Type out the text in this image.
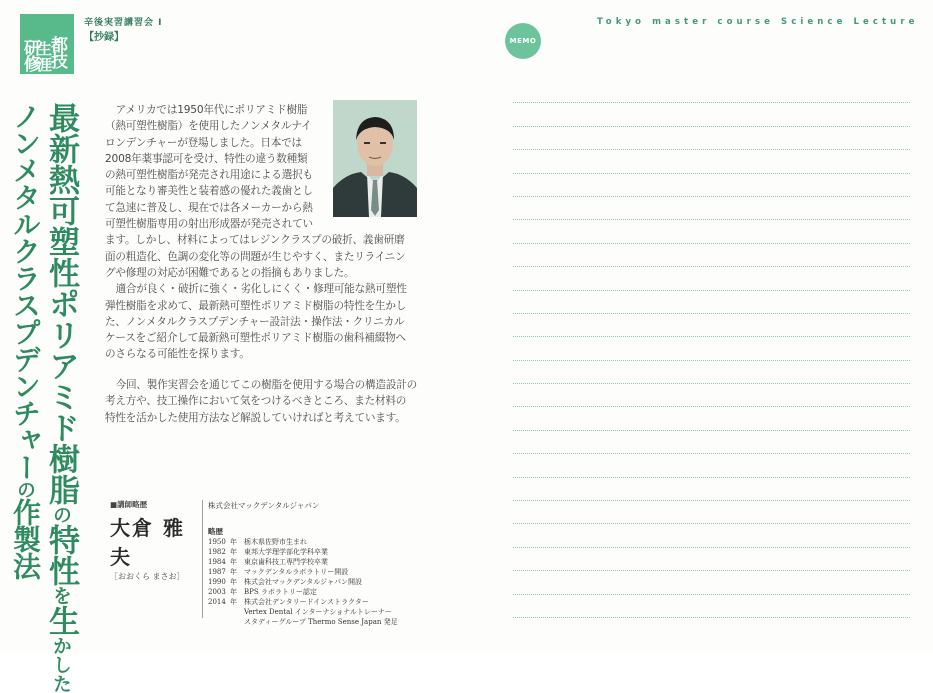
都
技
研
修
生
涯
辛後実習講習会 I
【抄録】
最新熱可塑性ポリアミド樹脂の特性を生かした
ノンメタルクラスプデンチャーの作製法
アメリカでは1950年代にポリアミド樹脂
（熱可塑性樹脂）を使用したノンメタルナイ
ロンデンチャーが登場しました。日本では
2008年薬事認可を受け、特性の違う数種類
の熱可塑性樹脂が発売され用途による選択も
可能となり審美性と装着感の優れた義歯とし
て急速に普及し、現在では各メーカーから熱
可塑性樹脂専用の射出形成器が発売されてい
ます。しかし、材料によってはレジンクラスプの破折、義歯研磨
面の粗造化、色調の変化等の問題が生じやすく、またリライニン
グや修理の対応が困難であるとの指摘もありました。
適合が良く・破折に強く・劣化しにくく・修理可能な熱可塑性
弾性樹脂を求めて、最新熱可塑性ポリアミド樹脂の特性を生かし
た、ノンメタルクラスプデンチャー設計法・操作法・クリニカル
ケースをご紹介して最新熱可塑性ポリアミド樹脂の歯科補綴物へ
のさらなる可能性を探ります。
今回、製作実習会を通じてこの樹脂を使用する場合の構造設計の
考え方や、技工操作において気をつけるべきところ、また材料の
特性を活かした使用方法など解説していければと考えています。
■講師略歴
大倉 雅夫
［おおくら まさお］
株式会社マックデンタルジャパン
略歴
1950 年	栃木県佐野市生まれ
1982 年	東邦大学理学部化学科卒業
1984 年	東京歯科技工専門学校卒業
1987 年	マックデンタルラボラトリー開設
1990 年	株式会社マックデンタルジャパン開設
2003 年	BPS ラボラトリー認定
2014 年	株式会社デンタリードインストラクター
Vertex Dental インターナショナルトレーナー
スタディーグループ Thermo Sense Japan 発足
MEMO
Tokyo master course Science Lecture
